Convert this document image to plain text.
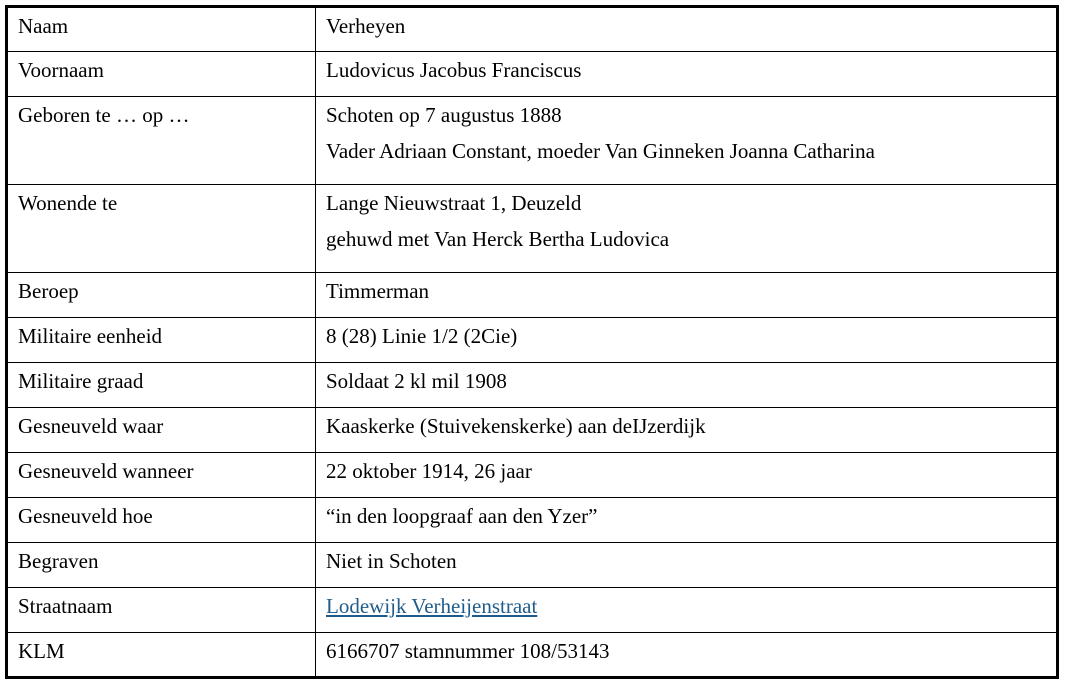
Naam	Verheyen

Voornaam	Ludovicus Jacobus Franciscus

Geboren te … op …	Schoten op 7 augustus 1888
Vader Adriaan Constant, moeder Van Ginneken Joanna Catharina

Wonende te	Lange Nieuwstraat 1, Deuzeld
gehuwd met Van Herck Bertha Ludovica

Beroep	Timmerman

Militaire eenheid	8 (28) Linie 1/2 (2Cie)

Militaire graad	Soldaat 2 kl mil 1908

Gesneuveld waar	Kaaskerke (Stuivekenskerke) aan deIJzerdijk

Gesneuveld wanneer	22 oktober 1914, 26 jaar

Gesneuveld hoe	“in den loopgraaf aan den Yzer”

Begraven	Niet in Schoten

Straatnaam	Lodewijk Verheijenstraat

KLM	6166707 stamnummer 108/53143
